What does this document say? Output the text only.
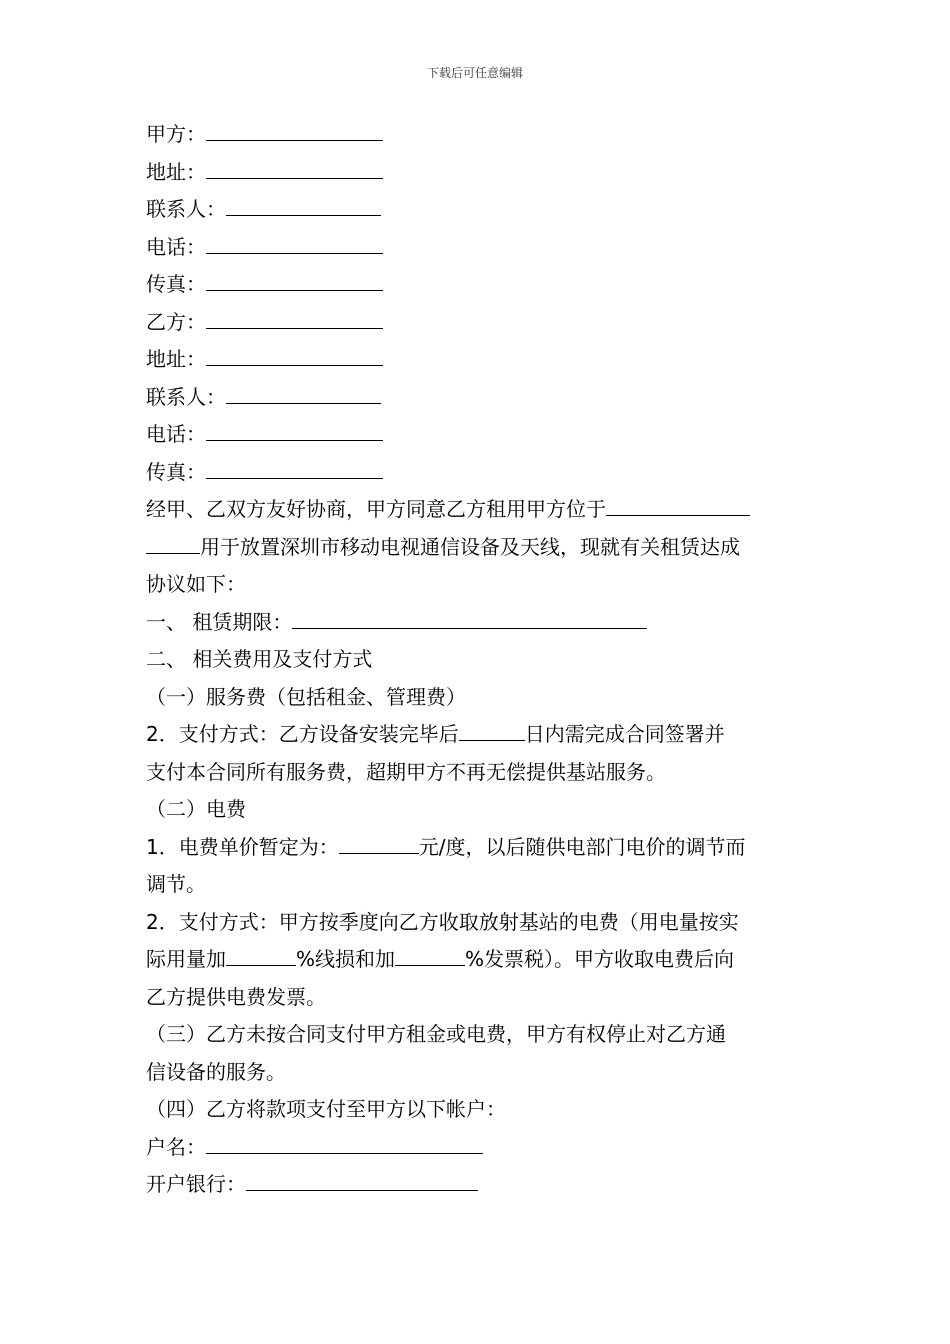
下载后可任意编辑
甲方：
地址：
联系人：
电话：
传真：
乙方：
地址：
联系人：
电话：
传真：
经甲、乙双方友好协商，甲方同意乙方租用甲方位于
用于放置深圳市移动电视通信设备及天线，现就有关租赁达成
协议如下：
一、 租赁期限：
二、 相关费用及支付方式
（一）服务费（包括租金、管理费）
2．支付方式：乙方设备安装完毕后	日内需完成合同签署并
支付本合同所有服务费，超期甲方不再无偿提供基站服务。
（二）电费
1．电费单价暂定为：	元/度，以后随供电部门电价的调节而
调节。
2．支付方式：甲方按季度向乙方收取放射基站的电费（用电量按实
际用量加	%线损和加	%发票税）。甲方收取电费后向
乙方提供电费发票。
（三）乙方未按合同支付甲方租金或电费，甲方有权停止对乙方通
信设备的服务。
（四）乙方将款项支付至甲方以下帐户：
户名：
开户银行：
